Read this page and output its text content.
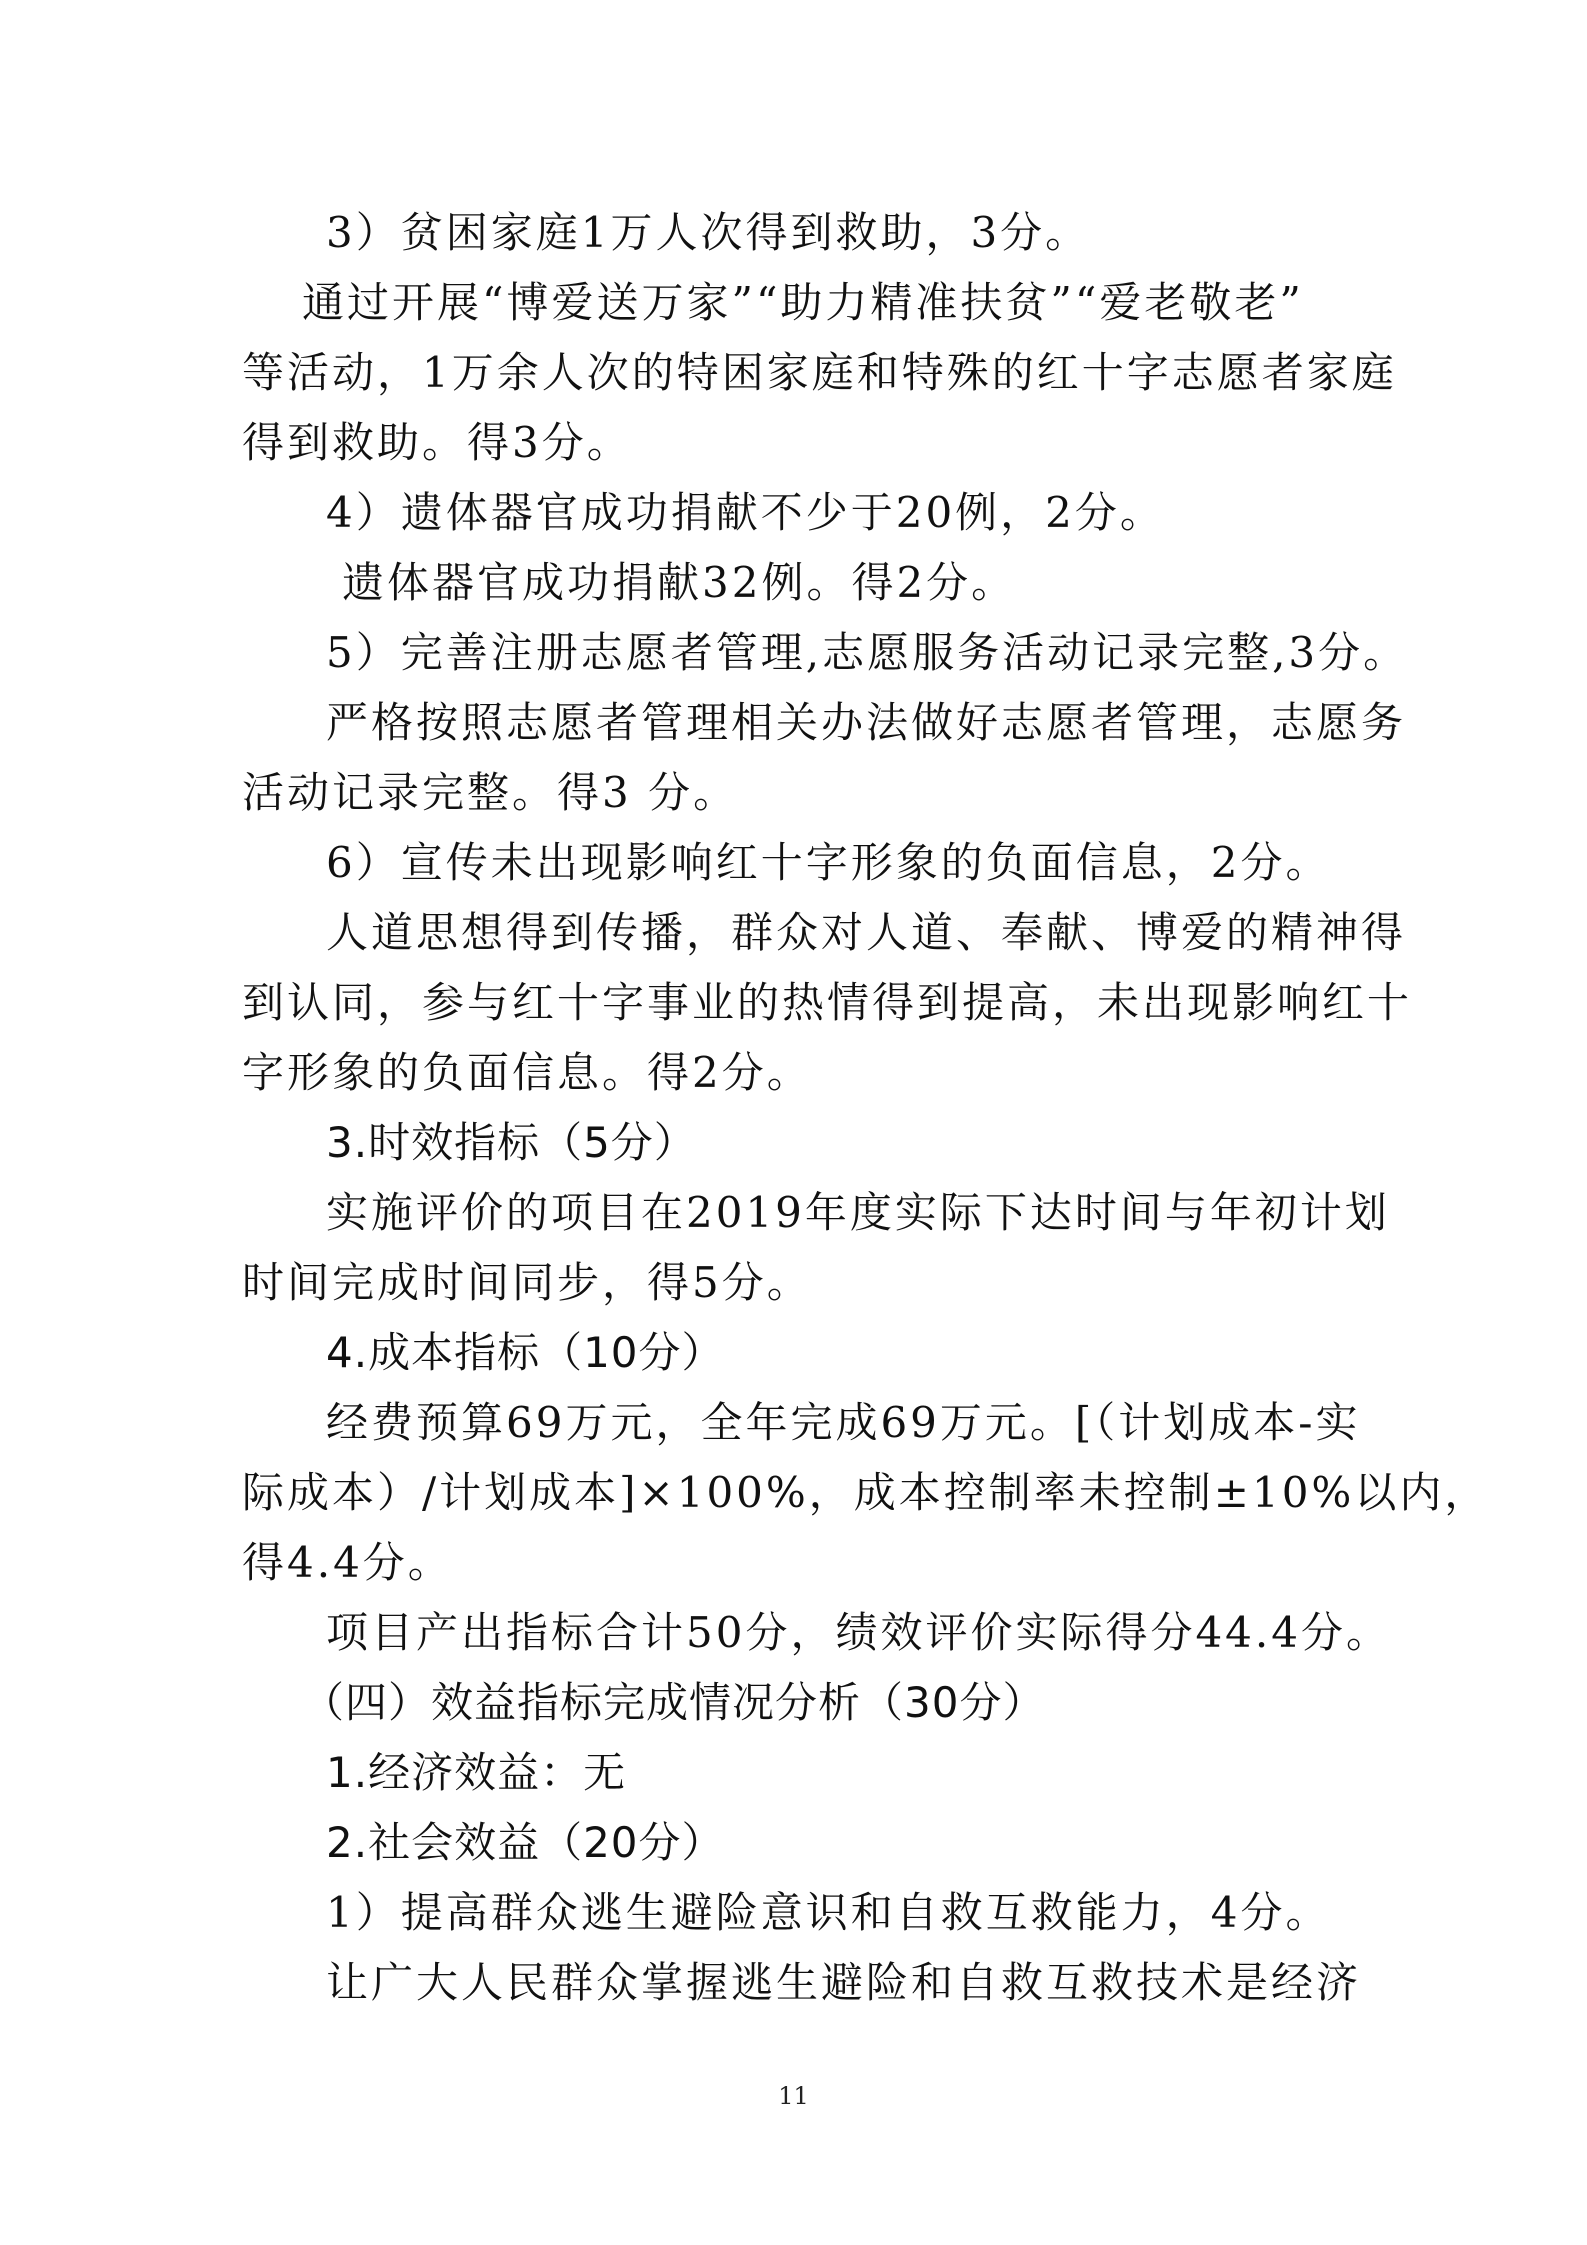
3）贫困家庭1万人次得到救助，3分。
通过开展“博爱送万家”“助力精准扶贫”“爱老敬老”
等活动，1万余人次的特困家庭和特殊的红十字志愿者家庭
得到救助。得3分。
4）遗体器官成功捐献不少于20例，2分。
遗体器官成功捐献32例。得2分。
5）完善注册志愿者管理,志愿服务活动记录完整,3分。
严格按照志愿者管理相关办法做好志愿者管理，志愿务
活动记录完整。得3 分。
6）宣传未出现影响红十字形象的负面信息，2分。
人道思想得到传播，群众对人道、奉献、博爱的精神得
到认同，参与红十字事业的热情得到提高，未出现影响红十
字形象的负面信息。得2分。
3.时效指标（5分）
实施评价的项目在2019年度实际下达时间与年初计划
时间完成时间同步，得5分。
4.成本指标（10分）
经费预算69万元，全年完成69万元。[（计划成本-实
际成本）/计划成本]×100%，成本控制率未控制±10%以内，
得4.4分。
项目产出指标合计50分，绩效评价实际得分44.4分。
（四）效益指标完成情况分析（30分）
1.经济效益：无
2.社会效益（20分）
1）提高群众逃生避险意识和自救互救能力，4分。
让广大人民群众掌握逃生避险和自救互救技术是经济
11
